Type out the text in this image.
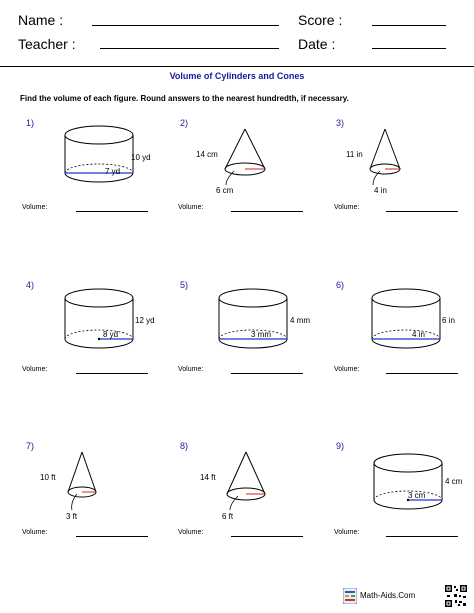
Name :	Score :
Teacher :	Date :
Volume of Cylinders and Cones
Find the volume of each figure. Round answers to the nearest hundredth, if necessary.
1)
10 yd
7 yd
Volume:
2)
14 cm
6 cm
Volume:
3)
11 in
4 in
Volume:
4)
12 yd
8 yd
Volume:
5)
4 mm
3 mm
Volume:
6)
6 in
4 in
Volume:
7)
10 ft
3 ft
Volume:
8)
14 ft
6 ft
Volume:
9)
4 cm
3 cm
Volume:
Math-Aids.Com
